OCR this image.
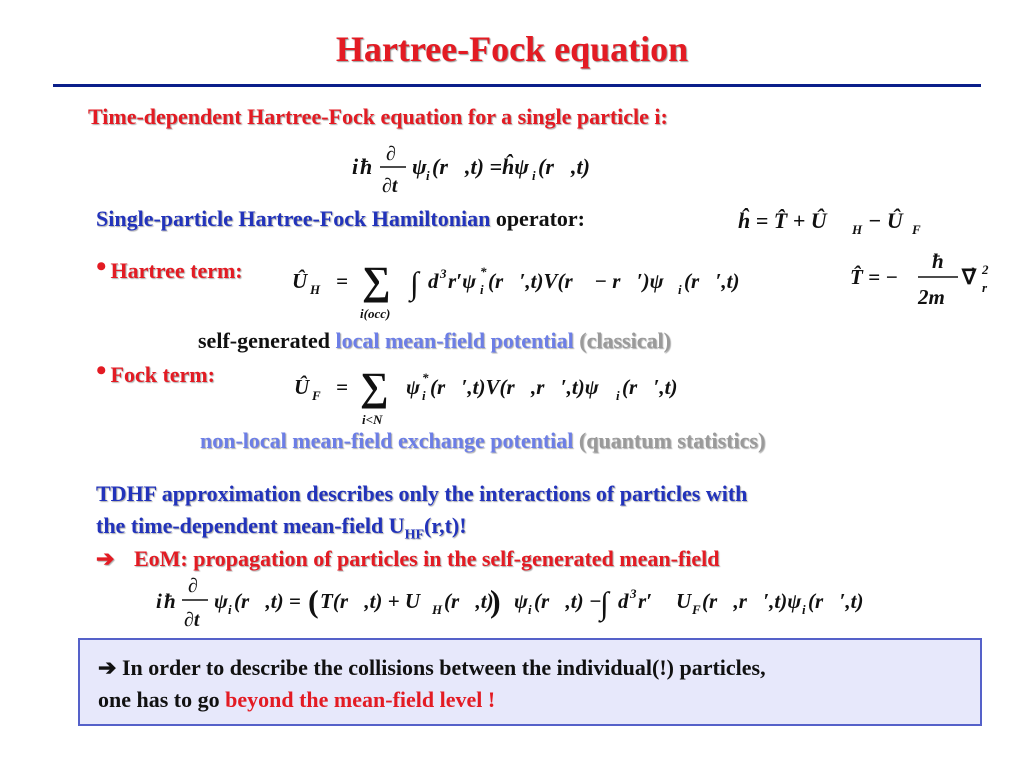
Hartree-Fock equation
Time-dependent Hartree-Fock equation for a single particle i:
i ħ ∂
∂t
ψ i (r⃗,t) = ĥψ i (r⃗,t)
Single-particle Hartree-Fock Hamiltonian operator:	ĥ = T̂ + Û H − Û F
• Hartree term: Û H = ∑
i(occ)
∫ d 3 r′ψ i
* (r⃗′,t)V(r⃗ − r⃗′)ψ i (r⃗′,t)	T̂ = −
ħ
2m
∇⃗ 2
r
self-generated local mean-field potential (classical)
• Fock term:	Û F = ∑
i<N
ψ i
* (r⃗′,t)V(r⃗,r⃗′,t)ψ i (r⃗′,t)
non-local mean-field exchange potential (quantum statistics)
TDHF approximation describes only the interactions of particles with
the time-dependent mean-field $U_{HF}(r,t)$!
➔ EoM: propagation of particles in the self-generated mean-field
i ħ
∂
∂t
ψ i (r⃗,t) = ( T(r⃗,t) + U H (r⃗,t)
) ψ i (r⃗,t) −
∫ d 3 r′ U F (r⃗,r⃗′,t)ψ i (r⃗′,t)
➔ In order to describe the collisions between the individual(!) particles,
one has to go beyond the mean-field level !
